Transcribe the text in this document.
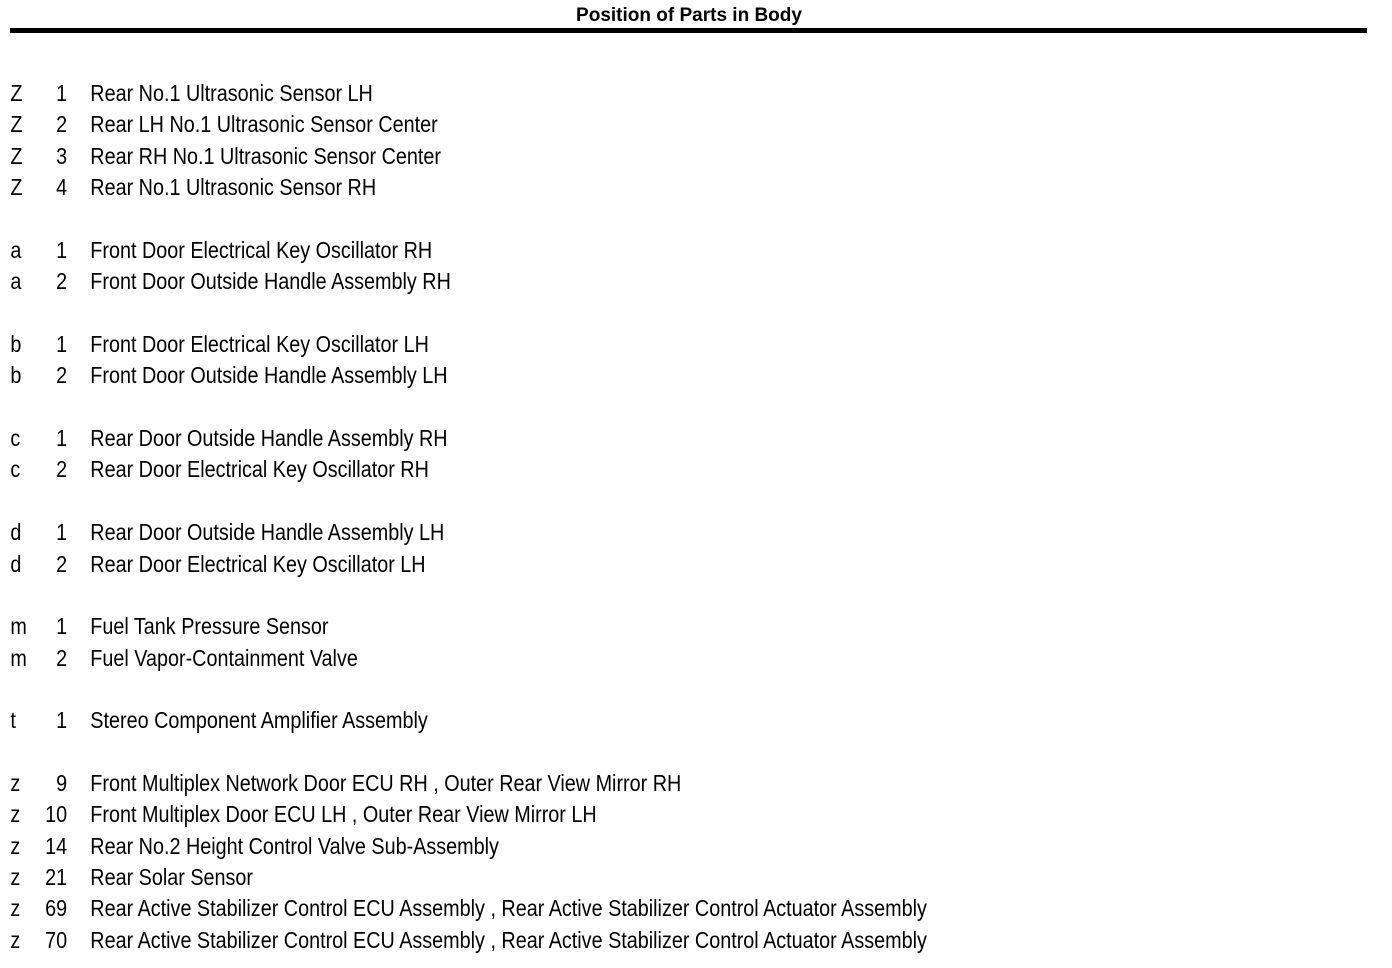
Position of Parts in Body
Z	1 Rear No.1 Ultrasonic Sensor LH
Z	2 Rear LH No.1 Ultrasonic Sensor Center
Z	3 Rear RH No.1 Ultrasonic Sensor Center
Z	4 Rear No.1 Ultrasonic Sensor RH
a	1 Front Door Electrical Key Oscillator RH
a	2 Front Door Outside Handle Assembly RH
b	1 Front Door Electrical Key Oscillator LH
b	2 Front Door Outside Handle Assembly LH
c	1 Rear Door Outside Handle Assembly RH
c	2 Rear Door Electrical Key Oscillator RH
d	1 Rear Door Outside Handle Assembly LH
d	2 Rear Door Electrical Key Oscillator LH
m	1 Fuel Tank Pressure Sensor
m	2 Fuel Vapor-Containment Valve
t	1 Stereo Component Amplifier Assembly
z	9 Front Multiplex Network Door ECU RH , Outer Rear View Mirror RH
z	10 Front Multiplex Door ECU LH , Outer Rear View Mirror LH
z	14 Rear No.2 Height Control Valve Sub-Assembly
z	21 Rear Solar Sensor
z	69 Rear Active Stabilizer Control ECU Assembly , Rear Active Stabilizer Control Actuator Assembly
z	70 Rear Active Stabilizer Control ECU Assembly , Rear Active Stabilizer Control Actuator Assembly
